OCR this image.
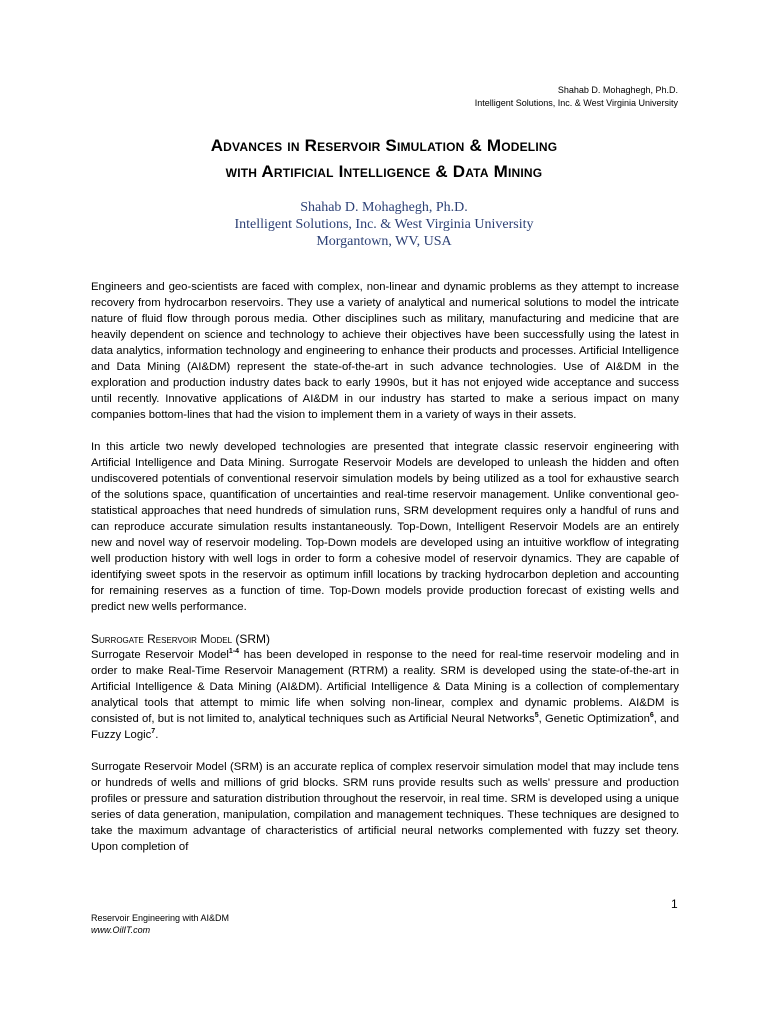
Shahab D. Mohaghegh, Ph.D.
Intelligent Solutions, Inc. & West Virginia University
Advances in Reservoir Simulation & Modeling
with Artificial Intelligence & Data Mining
Shahab D. Mohaghegh, Ph.D.
Intelligent Solutions, Inc. & West Virginia University
Morgantown, WV, USA

Engineers and geo-scientists are faced with complex, non-linear and dynamic problems as they attempt to increase recovery from hydrocarbon reservoirs. They use a variety of analytical and numerical solutions to model the intricate nature of fluid flow through porous media. Other disciplines such as military, manufacturing and medicine that are heavily dependent on science and technology to achieve their objectives have been successfully using the latest in data analytics, information technology and engineering to enhance their products and processes. Artificial Intelligence and Data Mining (AI&DM) represent the state-of-the-art in such advance technologies. Use of AI&DM in the exploration and production industry dates back to early 1990s, but it has not enjoyed wide acceptance and success until recently. Innovative applications of AI&DM in our industry has started to make a serious impact on many companies bottom-lines that had the vision to implement them in a variety of ways in their assets.

In this article two newly developed technologies are presented that integrate classic reservoir engineering with Artificial Intelligence and Data Mining. Surrogate Reservoir Models are developed to unleash the hidden and often undiscovered potentials of conventional reservoir simulation models by being utilized as a tool for exhaustive search of the solutions space, quantification of uncertainties and real-time reservoir management. Unlike conventional geo-statistical approaches that need hundreds of simulation runs, SRM development requires only a handful of runs and can reproduce accurate simulation results instantaneously. Top-Down, Intelligent Reservoir Models are an entirely new and novel way of reservoir modeling. Top-Down models are developed using an intuitive workflow of integrating well production history with well logs in order to form a cohesive model of reservoir dynamics. They are capable of identifying sweet spots in the reservoir as optimum infill locations by tracking hydrocarbon depletion and accounting for remaining reserves as a function of time. Top-Down models provide production forecast of existing wells and predict new wells performance.

Surrogate Reservoir Model (SRM)

Surrogate Reservoir Model$^{1-4}$ has been developed in response to the need for real-time reservoir modeling and in order to make Real-Time Reservoir Management (RTRM) a reality. SRM is developed using the state-of-the-art in Artificial Intelligence & Data Mining (AI&DM). Artificial Intelligence & Data Mining is a collection of complementary analytical tools that attempt to mimic life when solving non-linear, complex and dynamic problems. AI&DM is consisted of, but is not limited to, analytical techniques such as Artificial Neural Networks$^5$, Genetic Optimization$^6$, and Fuzzy Logic$^7$.

Surrogate Reservoir Model (SRM) is an accurate replica of complex reservoir simulation model that may include tens or hundreds of wells and millions of grid blocks. SRM runs provide results such as wells' pressure and production profiles or pressure and saturation distribution throughout the reservoir, in real time. SRM is developed using a unique series of data generation, manipulation, compilation and management techniques. These techniques are designed to take the maximum advantage of characteristics of artificial neural networks complemented with fuzzy set theory. Upon completion of

1
Reservoir Engineering with AI&DM
www.OilIT.com
